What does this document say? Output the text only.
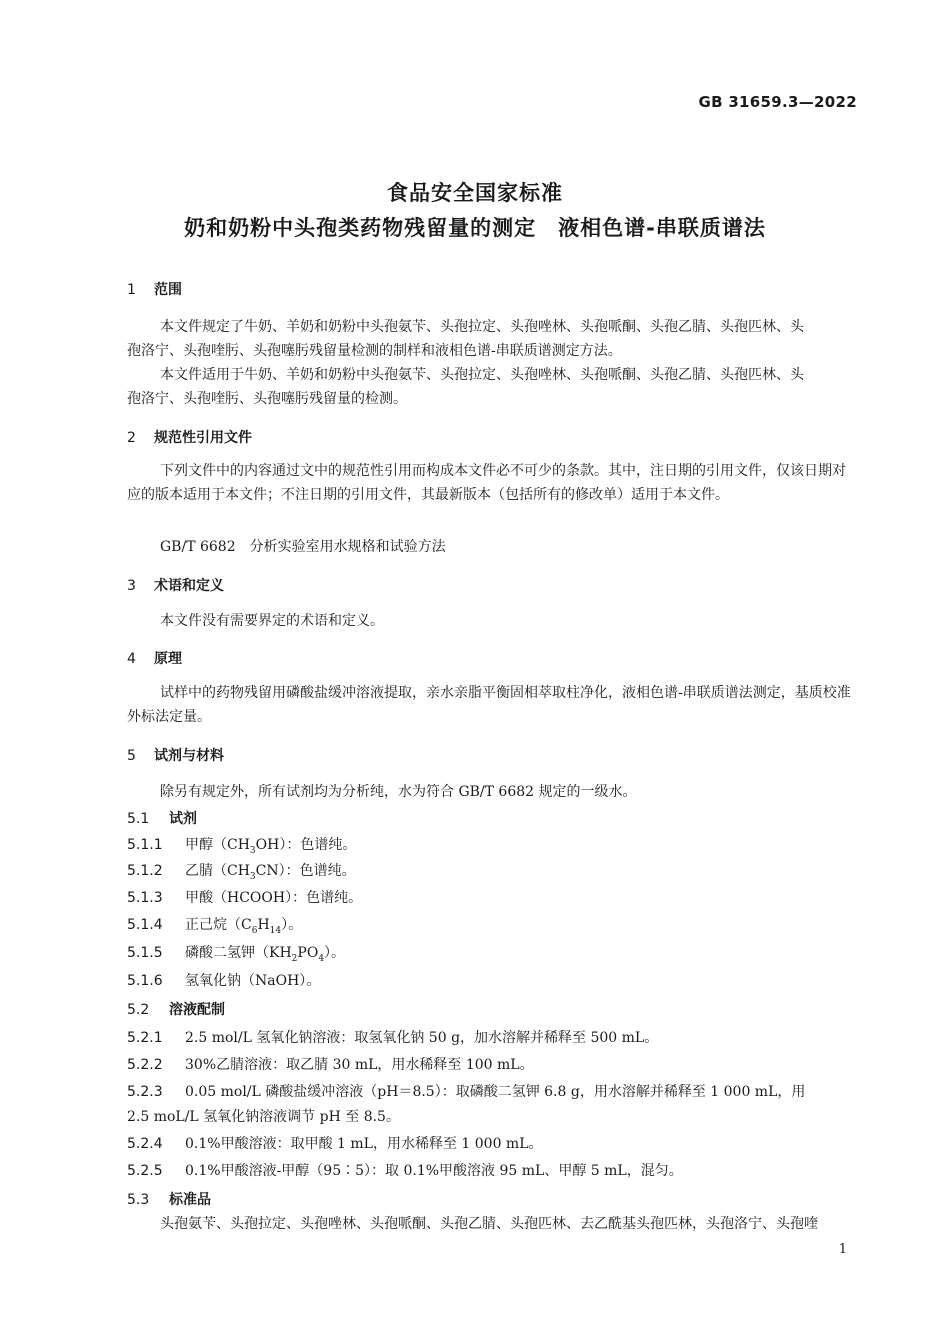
GB 31659.3—2022
食品安全国家标准
奶和奶粉中头孢类药物残留量的测定　液相色谱-串联质谱法
1 范围
本文件规定了牛奶、羊奶和奶粉中头孢氨苄、头孢拉定、头孢唑林、头孢哌酮、头孢乙腈、头孢匹林、头
孢洛宁、头孢喹肟、头孢噻肟残留量检测的制样和液相色谱-串联质谱测定方法。
本文件适用于牛奶、羊奶和奶粉中头孢氨苄、头孢拉定、头孢唑林、头孢哌酮、头孢乙腈、头孢匹林、头
孢洛宁、头孢喹肟、头孢噻肟残留量的检测。
2 规范性引用文件
下列文件中的内容通过文中的规范性引用而构成本文件必不可少的条款。其中，注日期的引用文件，仅该日期对应的版本适用于本文件；不注日期的引用文件，其最新版本（包括所有的修改单）适用于本文件。
GB/T 6682　分析实验室用水规格和试验方法
3 术语和定义
本文件没有需要界定的术语和定义。
4 原理
试样中的药物残留用磷酸盐缓冲溶液提取，亲水亲脂平衡固相萃取柱净化，液相色谱-串联质谱法测定，基质校准外标法定量。
5 试剂与材料
除另有规定外，所有试剂均为分析纯，水为符合 GB/T 6682 规定的一级水。
5.1 试剂
5.1.1 甲醇$(CH_3OH)$：色谱纯。
5.1.2 乙腈$(CH_3CN)$：色谱纯。
5.1.3 甲酸（HCOOH）：色谱纯。
5.1.4 正己烷$(C_6H_{14})$。
5.1.5 磷酸二氢钾$(KH_2PO_4)$。
5.1.6 氢氧化钠（NaOH）。
5.2 溶液配制
5.2.1 2.5 mol/L 氢氧化钠溶液：取氢氧化钠 50 g，加水溶解并稀释至 500 mL。
5.2.2 30%乙腈溶液：取乙腈 30 mL，用水稀释至 100 mL。
5.2.3 0.05 mol/L 磷酸盐缓冲溶液（pH＝8.5）：取磷酸二氢钾 6.8 g，用水溶解并稀释至 1 000 mL，用
2.5 moL/L 氢氧化钠溶液调节 pH 至 8.5。
5.2.4 0.1%甲酸溶液：取甲酸 1 mL，用水稀释至 1 000 mL。
5.2.5 0.1%甲酸溶液-甲醇（95∶5）：取 0.1%甲酸溶液 95 mL、甲醇 5 mL，混匀。
5.3 标准品
头孢氨苄、头孢拉定、头孢唑林、头孢哌酮、头孢乙腈、头孢匹林、去乙酰基头孢匹林，头孢洛宁、头孢喹
1
